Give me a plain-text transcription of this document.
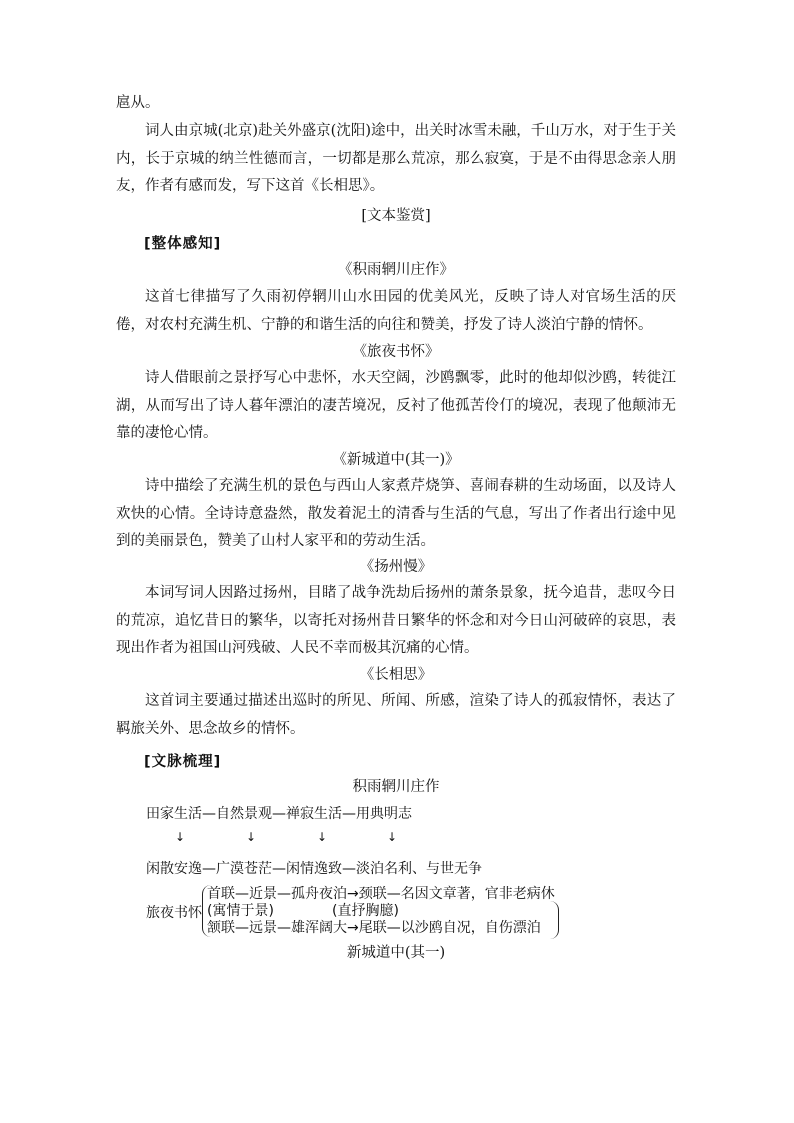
扈从。

词人由京城(北京)赴关外盛京(沈阳)途中，出关时冰雪未融，千山万水，对于生于关内，长于京城的纳兰性德而言，一切都是那么荒凉，那么寂寞，于是不由得思念亲人朋友，作者有感而发，写下这首《长相思》。

[文本鉴赏]

[整体感知]

《积雨辋川庄作》

这首七律描写了久雨初停辋川山水田园的优美风光，反映了诗人对官场生活的厌倦，对农村充满生机、宁静的和谐生活的向往和赞美，抒发了诗人淡泊宁静的情怀。

《旅夜书怀》

诗人借眼前之景抒写心中悲怀，水天空阔，沙鸥飘零，此时的他却似沙鸥，转徙江湖，从而写出了诗人暮年漂泊的凄苦境况，反衬了他孤苦伶仃的境况，表现了他颠沛无靠的凄怆心情。

《新城道中(其一)》

诗中描绘了充满生机的景色与西山人家煮芹烧笋、喜闹春耕的生动场面，以及诗人欢快的心情。全诗诗意盎然，散发着泥土的清香与生活的气息，写出了作者出行途中见到的美丽景色，赞美了山村人家平和的劳动生活。

《扬州慢》

本词写词人因路过扬州，目睹了战争洗劫后扬州的萧条景象，抚今追昔，悲叹今日的荒凉，追忆昔日的繁华，以寄托对扬州昔日繁华的怀念和对今日山河破碎的哀思，表现出作者为祖国山河残破、人民不幸而极其沉痛的心情。

《长相思》

这首词主要通过描述出巡时的所见、所闻、所感，渲染了诗人的孤寂情怀，表达了羁旅关外、思念故乡的情怀。

[文脉梳理]

积雨辋川庄作

田家生活—自然景观—禅寂生活—用典明志

↓	↓	↓	↓

闲散安逸—广漠苍茫—闲情逸致—淡泊名利、与世无争

旅夜书怀

首联—近景—孤舟夜泊→颈联—名因文章著，官非老病休

(寓情于景)	(直抒胸臆)

颔联—远景—雄浑阔大→尾联—以沙鸥自况，自伤漂泊

新城道中(其一)
